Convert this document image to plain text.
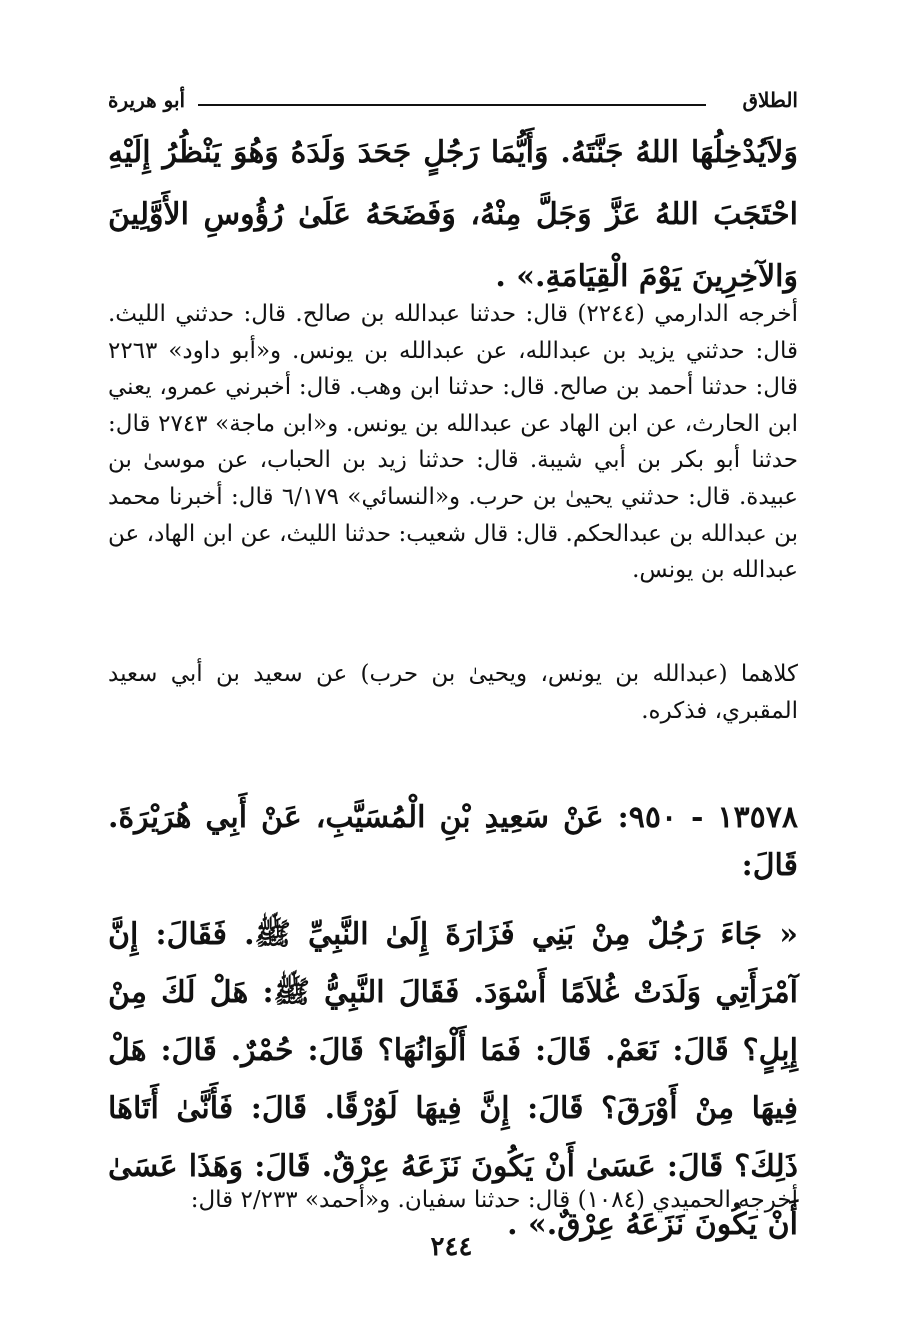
الطلاق
أبو هريرة
وَلاَيُدْخِلُهَا اللهُ جَنَّتَهُ. وَأَيُّمَا رَجُلٍ جَحَدَ وَلَدَهُ وَهُوَ يَنْظُرُ إِلَيْهِ احْتَجَبَ اللهُ عَزَّ وَجَلَّ مِنْهُ، وَفَضَحَهُ عَلَىٰ رُؤُوسِ الأَوَّلِينَ وَالآخِرِينَ يَوْمَ الْقِيَامَةِ.» .
أخرجه الدارمي (٢٢٤٤) قال: حدثنا عبدالله بن صالح. قال: حدثني الليث. قال: حدثني يزيد بن عبدالله، عن عبدالله بن يونس. و«أبو داود» ٢٢٦٣ قال: حدثنا أحمد بن صالح. قال: حدثنا ابن وهب. قال: أخبرني عمرو، يعني ابن الحارث، عن ابن الهاد عن عبدالله بن يونس. و«ابن ماجة» ٢٧٤٣ قال: حدثنا أبو بكر بن أبي شيبة. قال: حدثنا زيد بن الحباب، عن موسىٰ بن عبيدة. قال: حدثني يحيىٰ بن حرب. و«النسائي» ٦/١٧٩ قال: أخبرنا محمد بن عبدالله بن عبدالحكم. قال: قال شعيب: حدثنا الليث، عن ابن الهاد، عن عبدالله بن يونس.
كلاهما (عبدالله بن يونس، ويحيىٰ بن حرب) عن سعيد بن أبي سعيد المقبري، فذكره.
١٣٥٧٨ - ٩٥٠: عَنْ سَعِيدِ بْنِ الْمُسَيَّبِ، عَنْ أَبِي هُرَيْرَةَ. قَالَ:
« جَاءَ رَجُلٌ مِنْ بَنِي فَزَارَةَ إِلَىٰ النَّبِيِّ ﷺ. فَقَالَ: إِنَّ آمْرَأَتِي وَلَدَتْ غُلاَمًا أَسْوَدَ. فَقَالَ النَّبِيُّ ﷺ: هَلْ لَكَ مِنْ إِبِلٍ؟ قَالَ: نَعَمْ. قَالَ: فَمَا أَلْوَانُهَا؟ قَالَ: حُمْرٌ. قَالَ: هَلْ فِيهَا مِنْ أَوْرَقَ؟ قَالَ: إِنَّ فِيهَا لَوُرْقًا. قَالَ: فَأَنَّىٰ أَتَاهَا ذَلِكَ؟ قَالَ: عَسَىٰ أَنْ يَكُونَ نَزَعَهُ عِرْقٌ. قَالَ: وَهَذَا عَسَىٰ أَنْ يَكُونَ نَزَعَهُ عِرْقٌ.» .
أخرجه الحميدي (١٠٨٤) قال: حدثنا سفيان. و«أحمد» ٢/٢٣٣ قال:
٢٤٤
